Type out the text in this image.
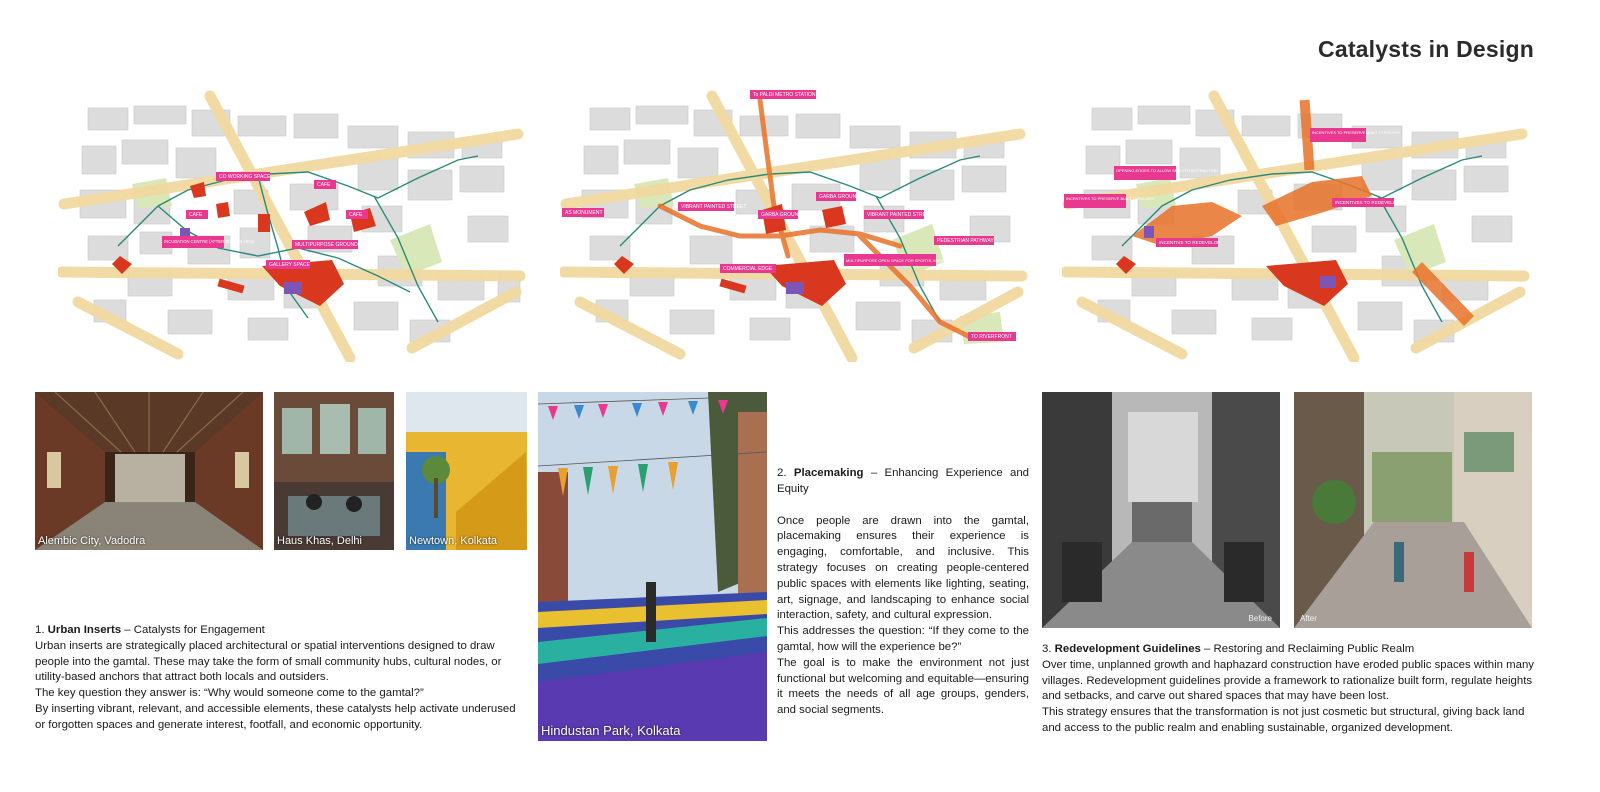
Catalysts in Design
CAFE
CO WORKING SPACE
CAFE	CAFE
INCUBATION CENTRE (AFTER SCHOOL HRS)
MULTIPURPOSE GROUND
GALLERY SPACE
To PALDI METRO STATION
AS MONUMENT
VIBRANT PAINTED STREET
GARBA GROUND
GARBA GROUND
VIBRANT PAINTED STREET
PEDESTRIAN PATHWAY
COMMERCIAL EDGE
MULTIPURPOSE OPEN SPACE FOR SPORTS, MARKET, EXHIBITION SPACE
TO RIVERFRONT
INCENTIVES TO PRESERVE BUILT TYPOLOGY
OPENING EDGES TO ALLOW SMOOTH INTERACTION
INCENTIVES TO PRESERVE BUILT TYPOLOGY
INCENTIVES TO REDEVELOP
INCENTIVE TO REDEVELOP
Alembic City, Vadodra	Haus Khas, Delhi	Newtown, Kolkata
Hindustan Park, Kolkata
Before	After

1. Urban Inserts – Catalysts for Engagement

Urban inserts are strategically placed architectural or spatial interventions designed to draw people into the gamtal. These may take the form of small community hubs, cultural nodes, or utility-based anchors that attract both locals and outsiders.

The key question they answer is: “Why would someone come to the gamtal?”

By inserting vibrant, relevant, and accessible elements, these catalysts help activate underused or forgotten spaces and generate interest, footfall, and economic opportunity.

2. Placemaking – Enhancing Experience and Equity

Once people are drawn into the gamtal, placemaking ensures their experience is engaging, comfortable, and inclusive. This strategy focuses on creating people-centered public spaces with elements like lighting, seating, art, signage, and landscaping to enhance social interaction, safety, and cultural expression.

This addresses the question: “If they come to the gamtal, how will the experience be?”

The goal is to make the environment not just functional but welcoming and equitable—ensuring it meets the needs of all age groups, genders, and social segments.

3. Redevelopment Guidelines – Restoring and Reclaiming Public Realm

Over time, unplanned growth and haphazard construction have eroded public spaces within many villages. Redevelopment guidelines provide a framework to rationalize built form, regulate heights and setbacks, and carve out shared spaces that may have been lost.

This strategy ensures that the transformation is not just cosmetic but structural, giving back land and access to the public realm and enabling sustainable, organized development.
